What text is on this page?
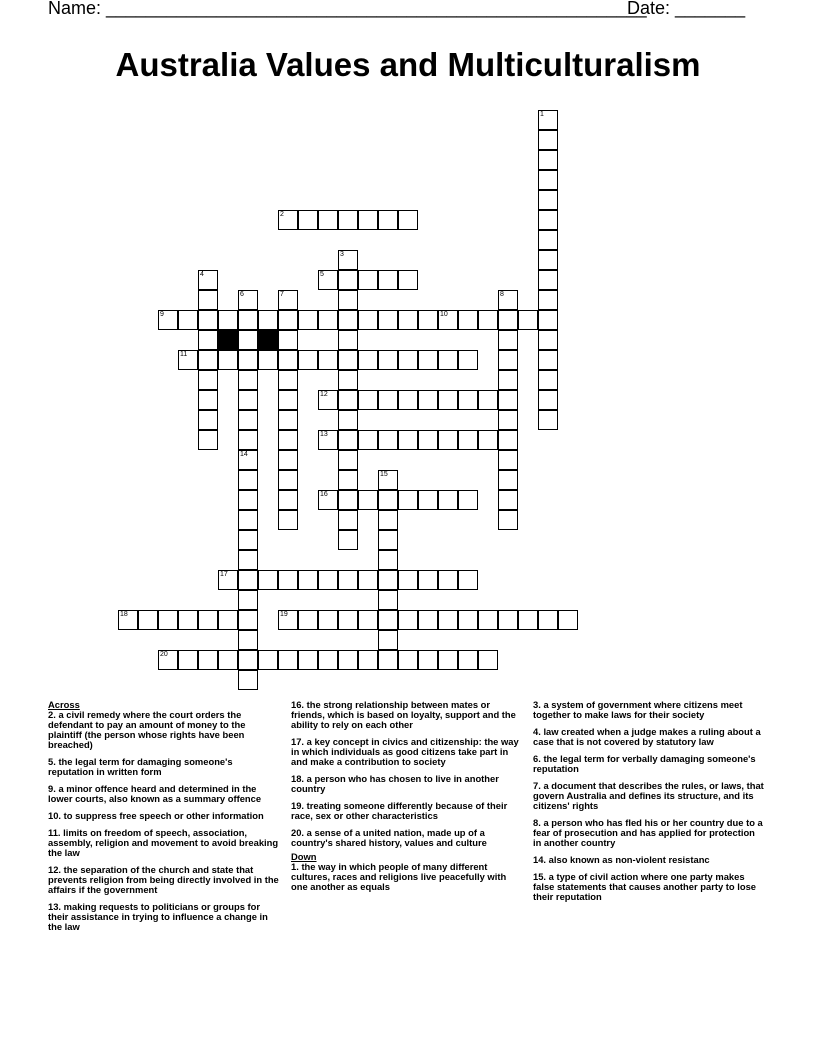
Name: ______________________________________________________
Date: _______
Australia Values and Multiculturalism
1
2
3
4	5
6	7	8
9	10
11
12
13
14
15
16
17
18	19
20
Across
2. a civil remedy where the court orders the defendant to pay an amount of money to the plaintiff (the person whose rights have been breached)
5. the legal term for damaging someone's reputation in written form
9. a minor offence heard and determined in the lower courts, also known as a summary offence
10. to suppress free speech or other information
11. limits on freedom of speech, association, assembly, religion and movement to avoid breaking the law
12. the separation of the church and state that prevents religion from being directly involved in the affairs if the government
13. making requests to politicians or groups for their assistance in trying to influence a change in the law
16. the strong relationship between mates or friends, which is based on loyalty, support and the ability to rely on each other
17. a key concept in civics and citizenship: the way in which individuals as good citizens take part in and make a contribution to society
18. a person who has chosen to live in another country
19. treating someone differently because of their race, sex or other characteristics
20. a sense of a united nation, made up of a country's shared history, values and culture
Down
1. the way in which people of many different cultures, races and religions live peacefully with one another as equals
3. a system of government where citizens meet together to make laws for their society
4. law created when a judge makes a ruling about a case that is not covered by statutory law
6. the legal term for verbally damaging someone's reputation
7. a document that describes the rules, or laws, that govern Australia and defines its structure, and its citizens' rights
8. a person who has fled his or her country due to a fear of prosecution and has applied for protection in another country
14. also known as non-violent resistanc
15. a type of civil action where one party makes false statements that causes another party to lose their reputation
